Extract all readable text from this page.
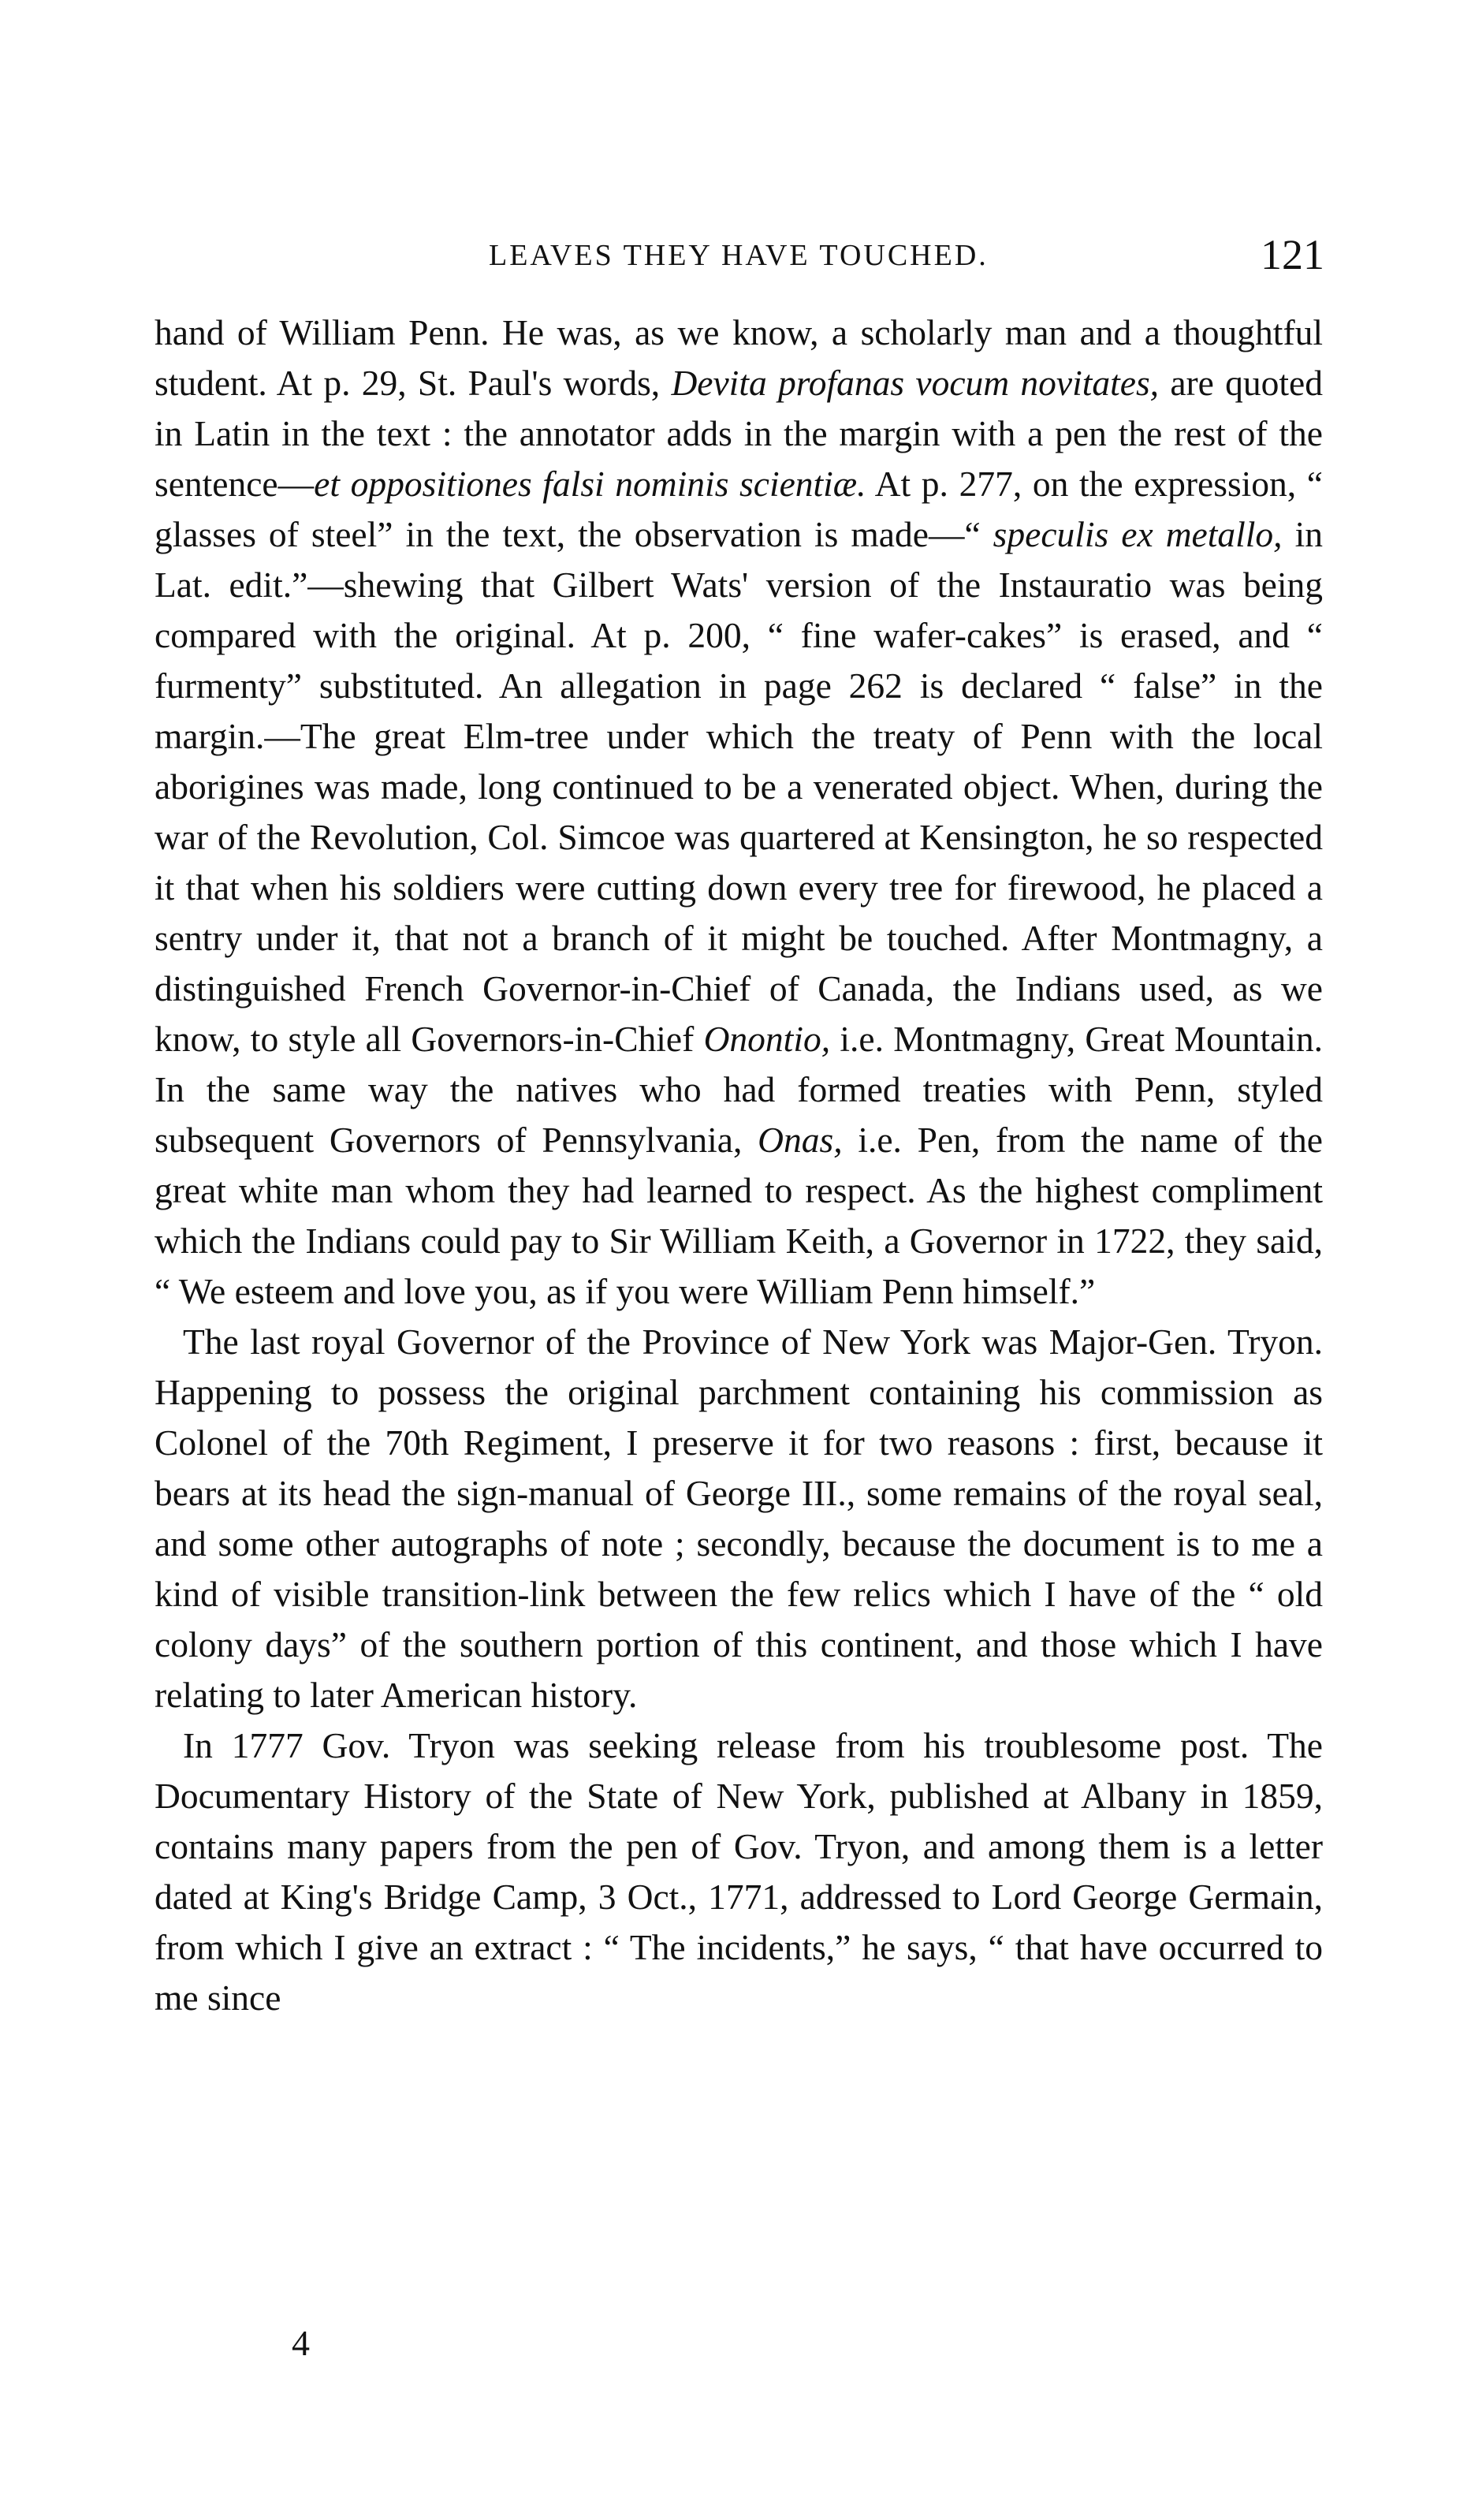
LEAVES THEY HAVE TOUCHED.	121

hand of William Penn. He was, as we know, a scholarly man and a thoughtful student. At p. 29, St. Paul's words, Devita profanas vocum novitates, are quoted in Latin in the text : the annotator adds in the margin with a pen the rest of the sentence—et oppositiones falsi nominis scientiæ. At p. 277, on the expression, “ glasses of steel” in the text, the observation is made—“ speculis ex metallo, in Lat. edit.”—shewing that Gilbert Wats' version of the Instauratio was being compared with the original. At p. 200, “ fine wafer-cakes” is erased, and “ furmenty” substituted. An allegation in page 262 is declared “ false” in the margin.—The great Elm-tree under which the treaty of Penn with the local aborigines was made, long continued to be a venerated object. When, during the war of the Revolution, Col. Simcoe was quartered at Kensington, he so respected it that when his soldiers were cutting down every tree for firewood, he placed a sentry under it, that not a branch of it might be touched. After Montmagny, a distinguished French Governor-in-Chief of Canada, the Indians used, as we know, to style all Governors-in-Chief Onontio, i.e. Montmagny, Great Mountain. In the same way the natives who had formed treaties with Penn, styled subsequent Governors of Pennsylvania, Onas, i.e. Pen, from the name of the great white man whom they had learned to respect. As the highest compliment which the Indians could pay to Sir William Keith, a Governor in 1722, they said, “ We esteem and love you, as if you were William Penn himself.”

The last royal Governor of the Province of New York was Major-Gen. Tryon. Happening to possess the original parchment containing his commission as Colonel of the 70th Regiment, I preserve it for two reasons : first, because it bears at its head the sign-manual of George III., some remains of the royal seal, and some other autographs of note ; secondly, because the document is to me a kind of visible transition-link between the few relics which I have of the “ old colony days” of the southern portion of this continent, and those which I have relating to later American history.

In 1777 Gov. Tryon was seeking release from his troublesome post. The Documentary History of the State of New York, published at Albany in 1859, contains many papers from the pen of Gov. Tryon, and among them is a letter dated at King's Bridge Camp, 3 Oct., 1771, addressed to Lord George Germain, from which I give an extract : “ The incidents,” he says, “ that have occurred to me since

4
